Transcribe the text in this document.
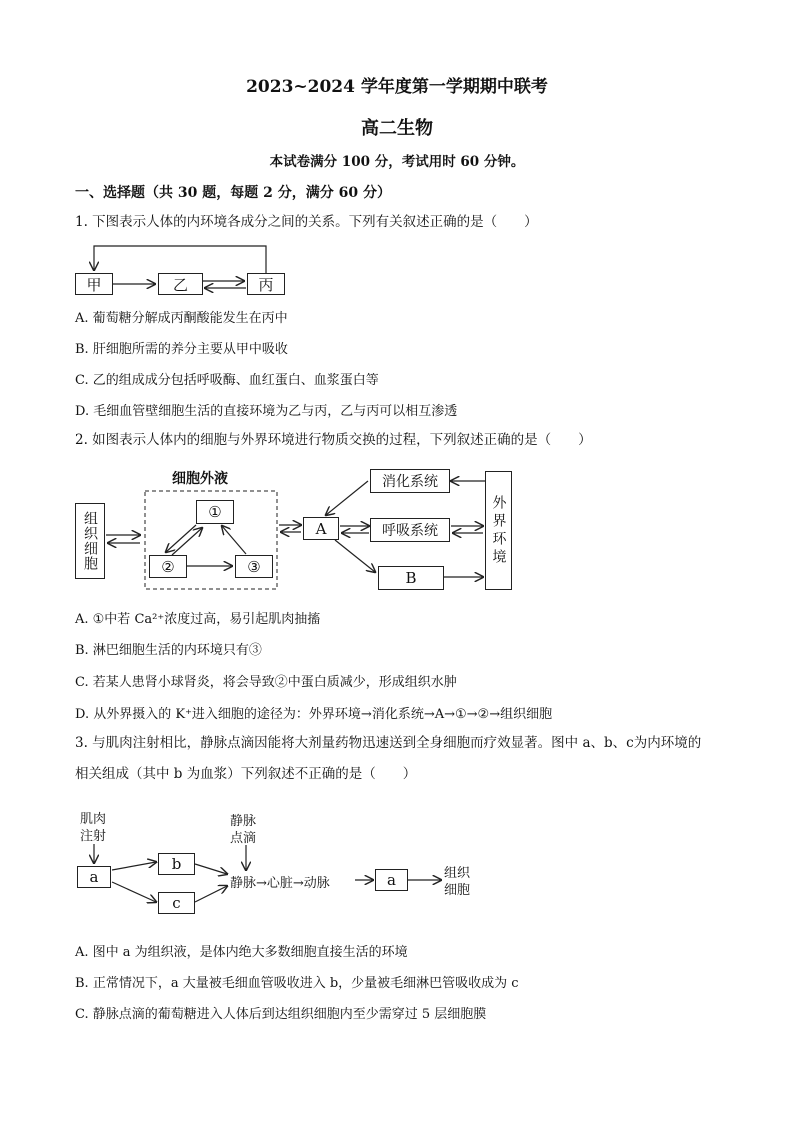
2023~2024 学年度第一学期期中联考
高二生物
本试卷满分 100 分，考试用时 60 分钟。
一、选择题（共 30 题，每题 2 分，满分 60 分）
1. 下图表示人体的内环境各成分之间的关系。下列有关叙述正确的是（　　）
甲	乙	丙
A. 葡萄糖分解成丙酮酸能发生在丙中
B. 肝细胞所需的养分主要从甲中吸收
C. 乙的组成成分包括呼吸酶、血红蛋白、血浆蛋白等
D. 毛细血管壁细胞生活的直接环境为乙与丙，乙与丙可以相互渗透
2. 如图表示人体内的细胞与外界环境进行物质交换的过程，下列叙述正确的是（　　）
细胞外液
组织细胞	①
②	③
A
消化系统
呼吸系统
B
外界环境
A. ①中若 Ca²⁺浓度过高，易引起肌肉抽搐
B. 淋巴细胞生活的内环境只有③
C. 若某人患肾小球肾炎，将会导致②中蛋白质减少，形成组织水肿
D. 从外界摄入的 K⁺进入细胞的途径为：外界环境→消化系统→A→①→②→组织细胞
3. 与肌肉注射相比，静脉点滴因能将大剂量药物迅速送到全身细胞而疗效显著。图中 a、b、c为内环境的
相关组成（其中 b 为血浆）下列叙述不正确的是（　　）
肌肉
注射
静脉
点滴
a
b
c
静脉→心脏→动脉	a	组织
细胞
A. 图中 a 为组织液，是体内绝大多数细胞直接生活的环境
B. 正常情况下，a 大量被毛细血管吸收进入 b，少量被毛细淋巴管吸收成为 c
C. 静脉点滴的葡萄糖进入人体后到达组织细胞内至少需穿过 5 层细胞膜
